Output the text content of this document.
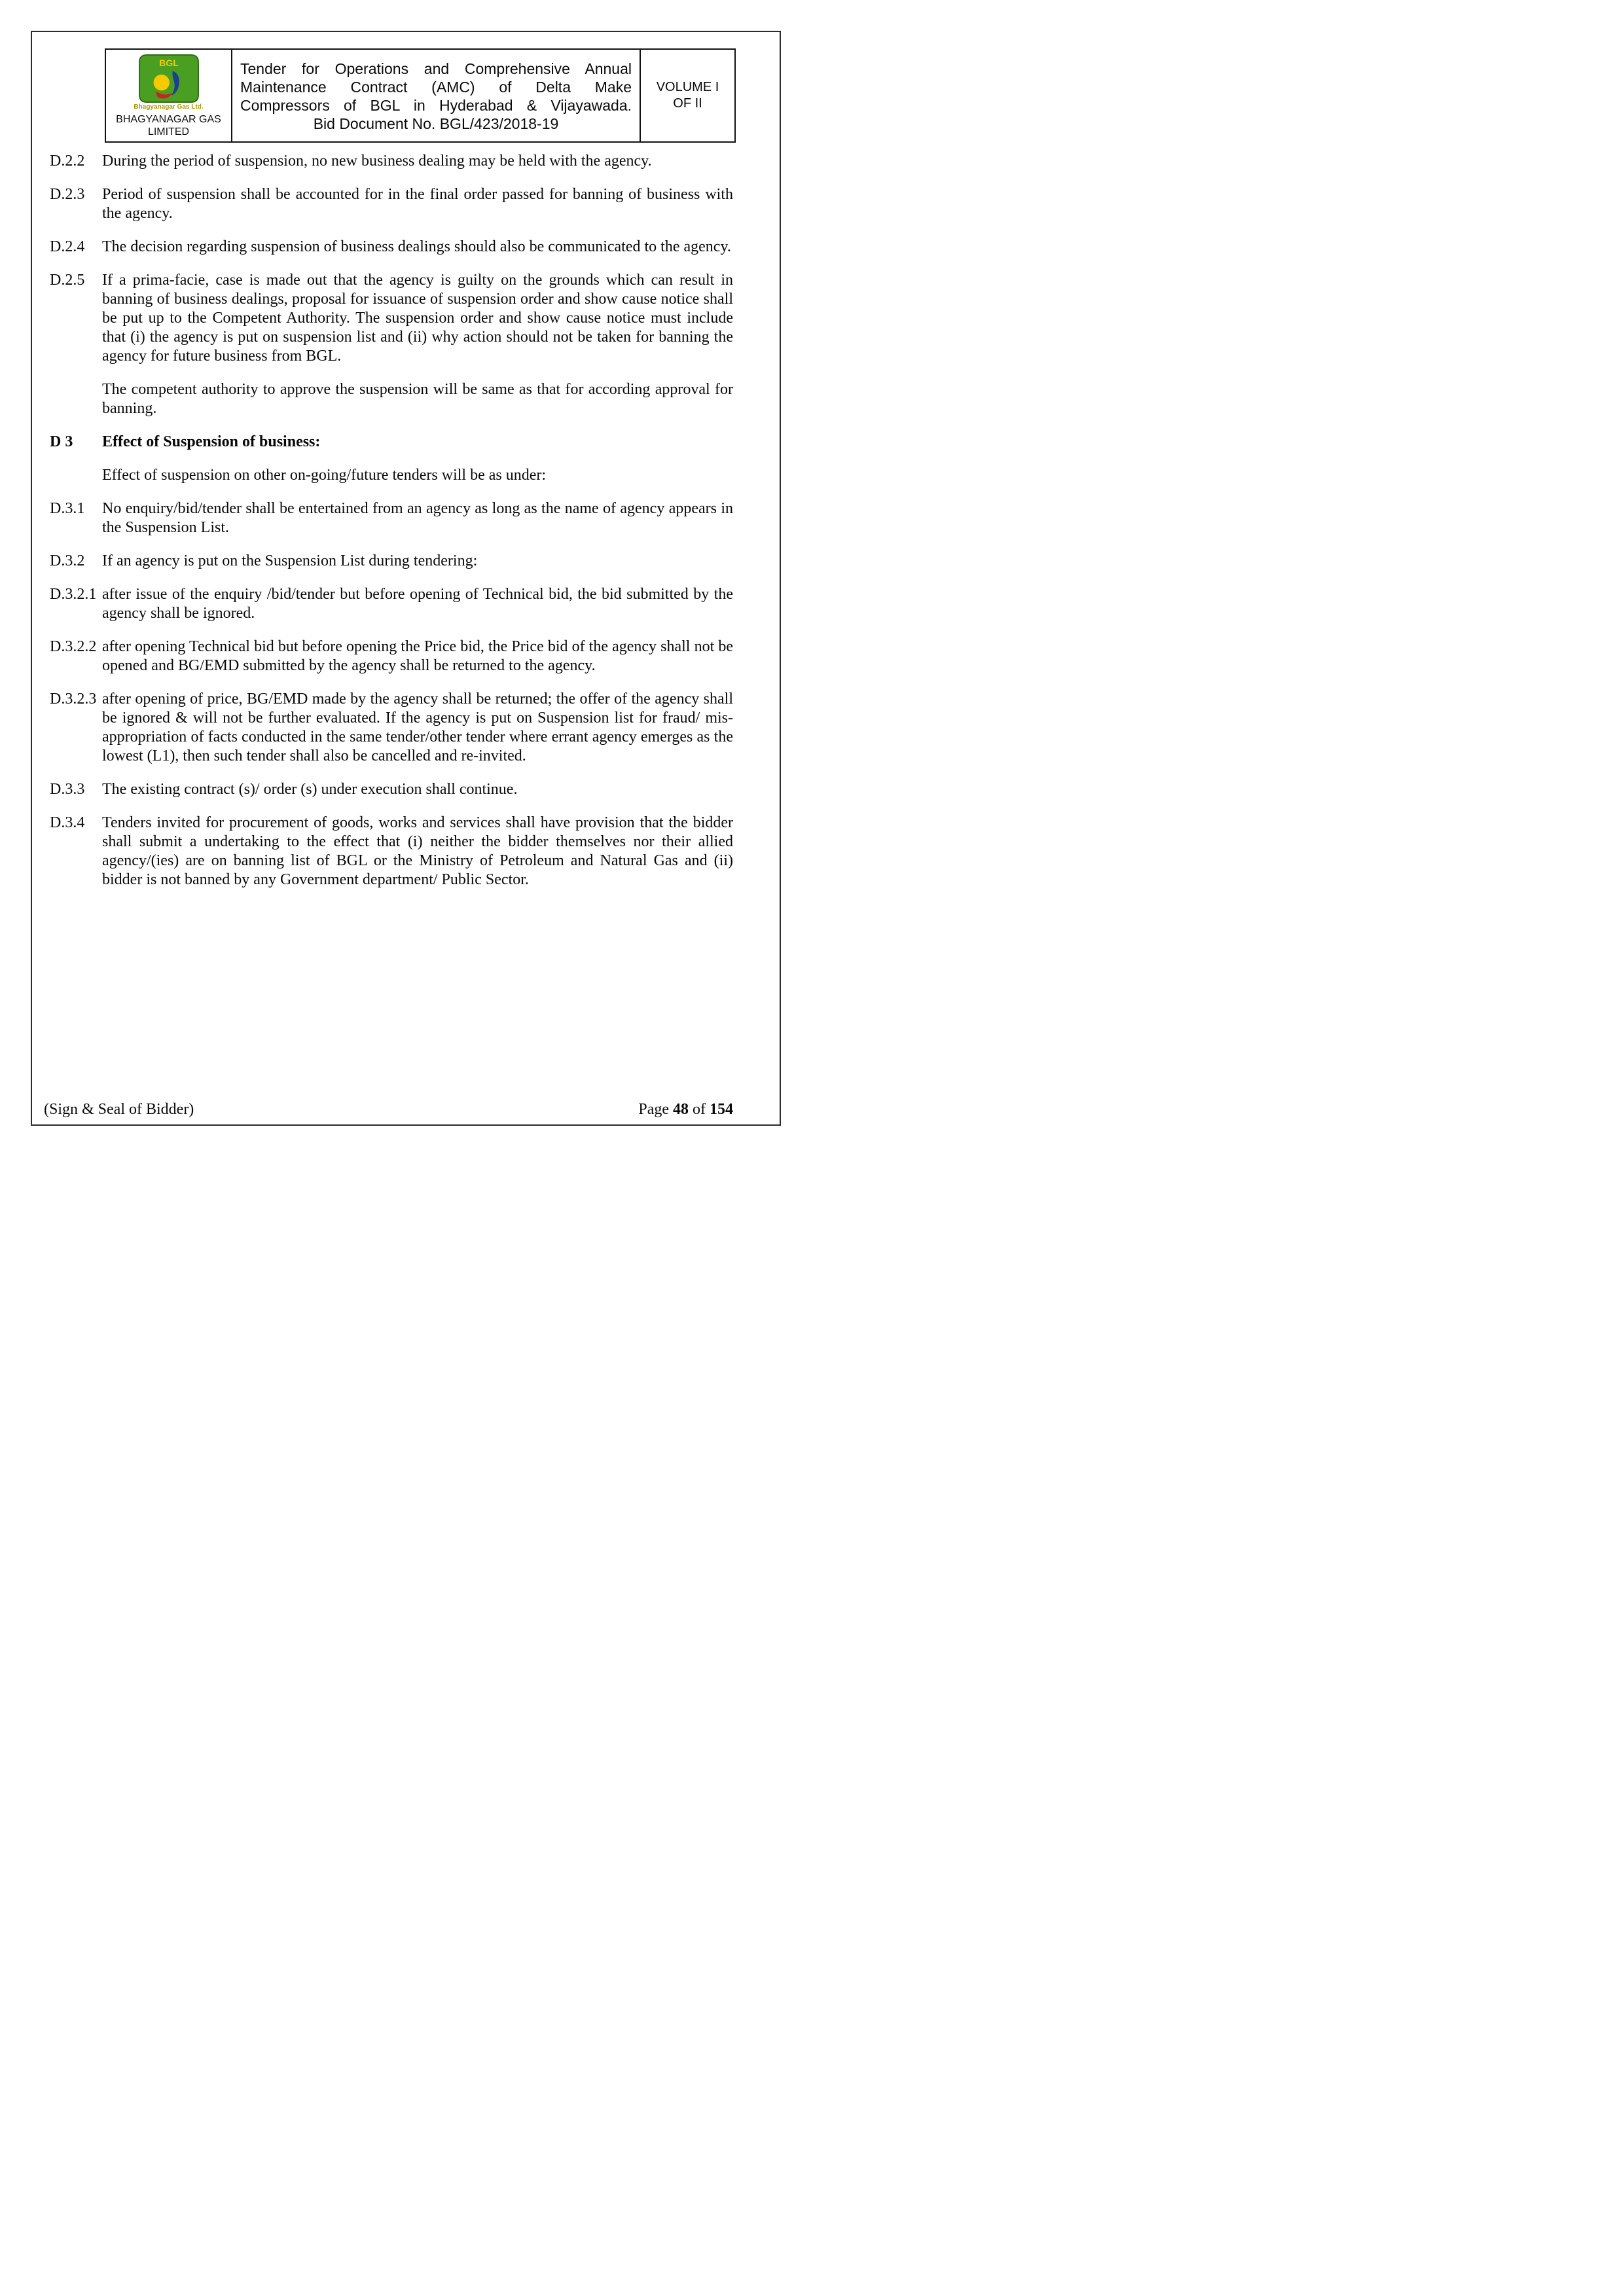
BGL
Bhagyanagar Gas Ltd.
BHAGYANAGAR GAS
LIMITED

Tender for Operations and Comprehensive Annual
Maintenance Contract (AMC) of Delta Make
Compressors of BGL in Hyderabad & Vijayawada.
Bid Document No. BGL/423/2018-19

VOLUME I
OF II
D.2.2	During the period of suspension, no new business dealing may be held with the agency.
D.2.3	Period of suspension shall be accounted for in the final order passed for banning of business with the agency.
D.2.4	The decision regarding suspension of business dealings should also be communicated to the agency.
D.2.5	If a prima-facie, case is made out that the agency is guilty on the grounds which can result in banning of business dealings, proposal for issuance of suspension order and show cause notice shall be put up to the Competent Authority. The suspension order and show cause notice must include that (i) the agency is put on suspension list and (ii) why action should not be taken for banning the agency for future business from BGL.
The competent authority to approve the suspension will be same as that for according approval for banning.
D 3	Effect of Suspension of business:
Effect of suspension on other on-going/future tenders will be as under:
D.3.1	No enquiry/bid/tender shall be entertained from an agency as long as the name of agency appears in the Suspension List.
D.3.2	If an agency is put on the Suspension List during tendering:
D.3.2.1 after issue of the enquiry /bid/tender but before opening of Technical bid, the bid submitted by the agency shall be ignored.
D.3.2.2 after opening Technical bid but before opening the Price bid, the Price bid of the agency shall not be opened and BG/EMD submitted by the agency shall be returned to the agency.
D.3.2.3 after opening of price, BG/EMD made by the agency shall be returned; the offer of the agency shall be ignored & will not be further evaluated. If the agency is put on Suspension list for fraud/ mis-appropriation of facts conducted in the same tender/other tender where errant agency emerges as the lowest (L1), then such tender shall also be cancelled and re-invited.
D.3.3	The existing contract (s)/ order (s) under execution shall continue.
D.3.4	Tenders invited for procurement of goods, works and services shall have provision that the bidder shall submit a undertaking to the effect that (i) neither the bidder themselves nor their allied agency/(ies) are on banning list of BGL or the Ministry of Petroleum and Natural Gas and (ii) bidder is not banned by any Government department/ Public Sector.
(Sign & Seal of Bidder)	Page 48 of 154
